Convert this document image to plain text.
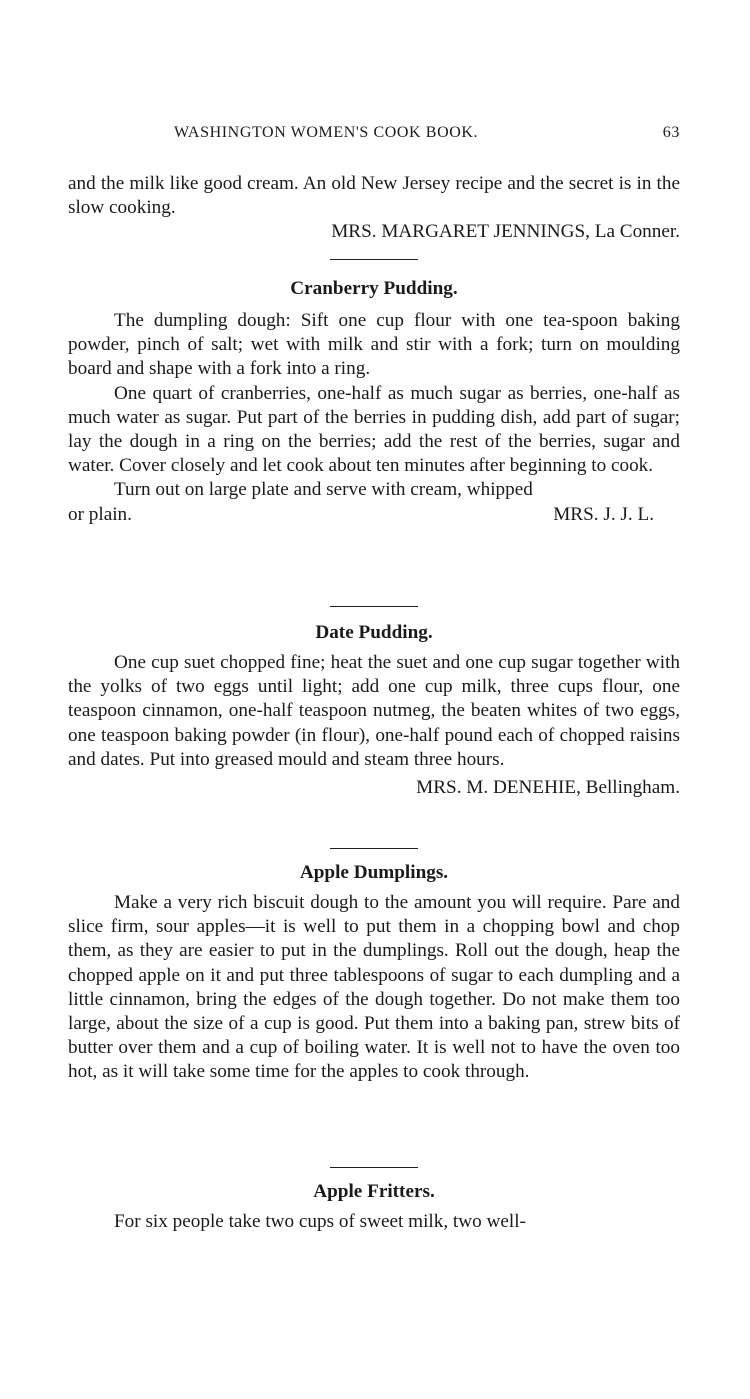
WASHINGTON WOMEN'S COOK BOOK.	63

and the milk like good cream. An old New Jersey recipe and the secret is in the slow cooking.

MRS. MARGARET JENNINGS, La Conner.

Cranberry Pudding.

The dumpling dough: Sift one cup flour with one tea-spoon baking powder, pinch of salt; wet with milk and stir with a fork; turn on moulding board and shape with a fork into a ring.

One quart of cranberries, one-half as much sugar as berries, one-half as much water as sugar. Put part of the berries in pudding dish, add part of sugar; lay the dough in a ring on the berries; add the rest of the berries, sugar and water. Cover closely and let cook about ten minutes after beginning to cook.

Turn out on large plate and serve with cream, whipped

or plain.	MRS. J. J. L.

Date Pudding.

One cup suet chopped fine; heat the suet and one cup sugar together with the yolks of two eggs until light; add one cup milk, three cups flour, one teaspoon cinnamon, one-half teaspoon nutmeg, the beaten whites of two eggs, one teaspoon baking powder (in flour), one-half pound each of chopped raisins and dates. Put into greased mould and steam three hours.

MRS. M. DENEHIE, Bellingham.

Apple Dumplings.

Make a very rich biscuit dough to the amount you will require. Pare and slice firm, sour apples—it is well to put them in a chopping bowl and chop them, as they are easier to put in the dumplings. Roll out the dough, heap the chopped apple on it and put three tablespoons of sugar to each dumpling and a little cinnamon, bring the edges of the dough together. Do not make them too large, about the size of a cup is good. Put them into a baking pan, strew bits of butter over them and a cup of boiling water. It is well not to have the oven too hot, as it will take some time for the apples to cook through.

Apple Fritters.

For six people take two cups of sweet milk, two well-
